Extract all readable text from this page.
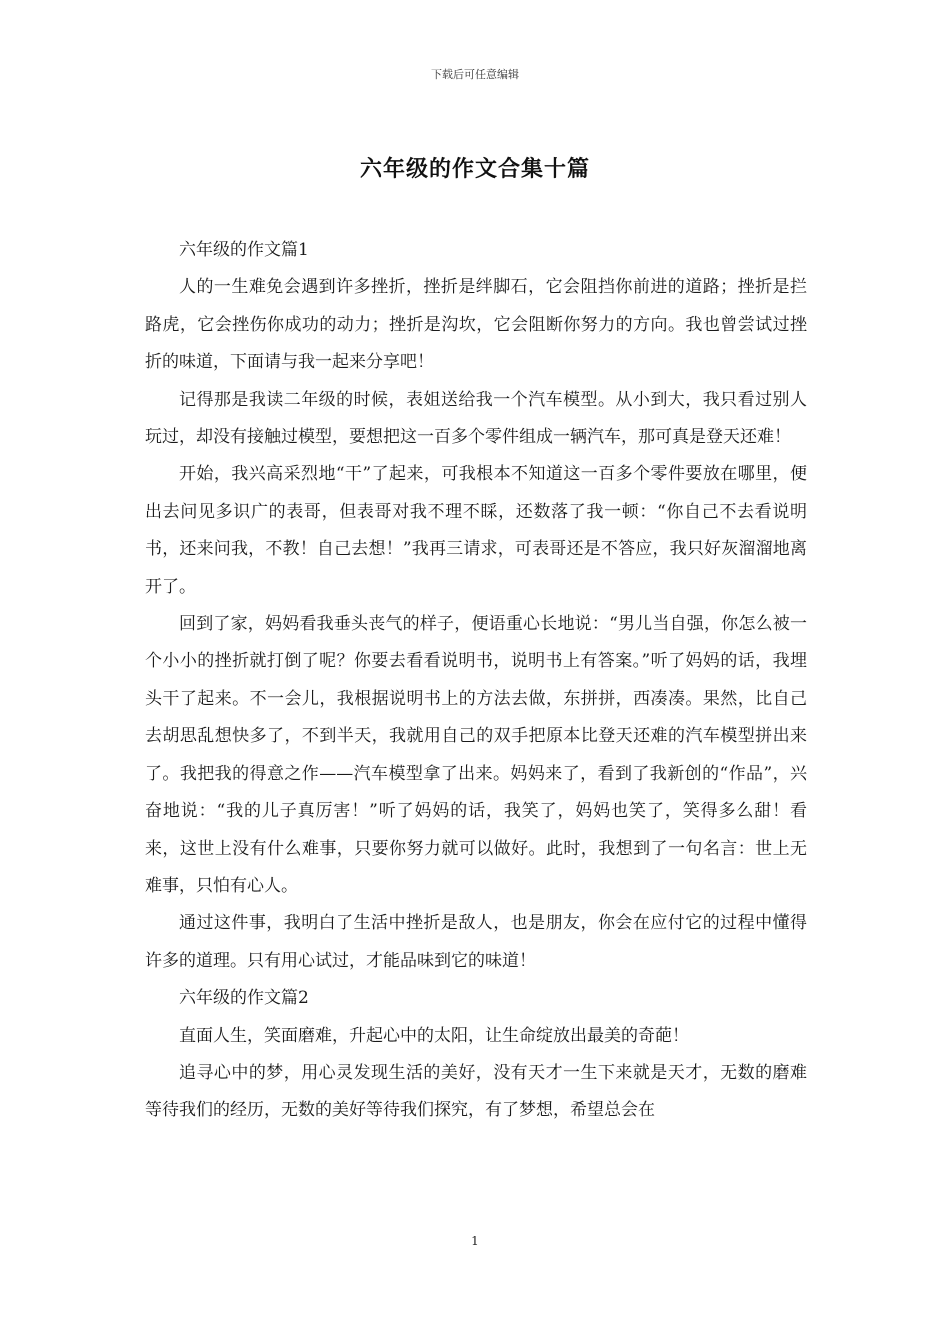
下载后可任意编辑
六年级的作文合集十篇

六年级的作文篇1

人的一生难免会遇到许多挫折，挫折是绊脚石，它会阻挡你前进的道路；挫折是拦路虎，它会挫伤你成功的动力；挫折是沟坎，它会阻断你努力的方向。我也曾尝试过挫折的味道，下面请与我一起来分享吧！

记得那是我读二年级的时候，表姐送给我一个汽车模型。从小到大，我只看过别人玩过，却没有接触过模型，要想把这一百多个零件组成一辆汽车，那可真是登天还难！

开始，我兴高采烈地“干”了起来，可我根本不知道这一百多个零件要放在哪里，便出去问见多识广的表哥，但表哥对我不理不睬，还数落了我一顿：“你自己不去看说明书，还来问我，不教！自己去想！”我再三请求，可表哥还是不答应，我只好灰溜溜地离开了。

回到了家，妈妈看我垂头丧气的样子，便语重心长地说：“男儿当自强，你怎么被一个小小的挫折就打倒了呢？你要去看看说明书，说明书上有答案。”听了妈妈的话，我埋头干了起来。不一会儿，我根据说明书上的方法去做，东拼拼，西凑凑。果然，比自己去胡思乱想快多了，不到半天，我就用自己的双手把原本比登天还难的汽车模型拼出来了。我把我的得意之作——汽车模型拿了出来。妈妈来了，看到了我新创的“作品”，兴奋地说：“我的儿子真厉害！”听了妈妈的话，我笑了，妈妈也笑了，笑得多么甜！看来，这世上没有什么难事，只要你努力就可以做好。此时，我想到了一句名言：世上无难事，只怕有心人。

通过这件事，我明白了生活中挫折是敌人，也是朋友，你会在应付它的过程中懂得许多的道理。只有用心试过，才能品味到它的味道！

六年级的作文篇2

直面人生，笑面磨难，升起心中的太阳，让生命绽放出最美的奇葩！

追寻心中的梦，用心灵发现生活的美好，没有天才一生下来就是天才，无数的磨难等待我们的经历，无数的美好等待我们探究，有了梦想，希望总会在

1
